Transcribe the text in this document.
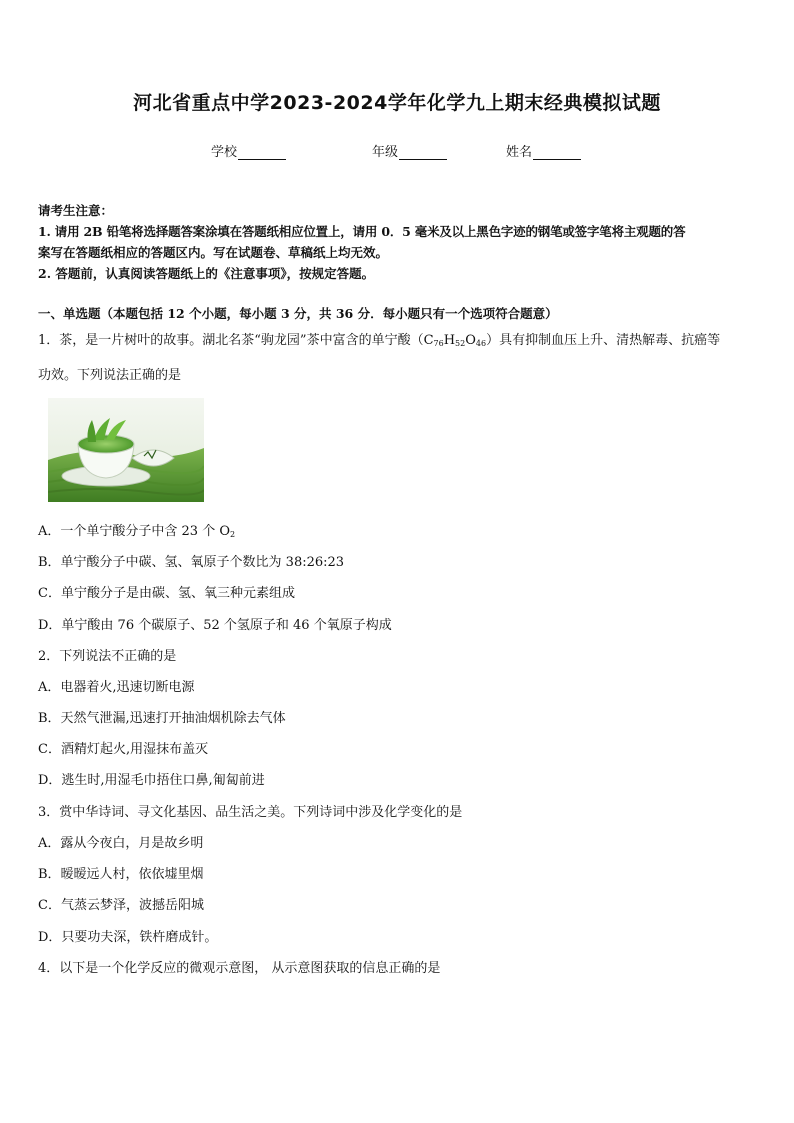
河北省重点中学2023-2024学年化学九上期末经典模拟试题
学校	年级	姓名
请考生注意：
1. 请用 2B 铅笔将选择题答案涂填在答题纸相应位置上，请用 0．5 毫米及以上黑色字迹的钢笔或签字笔将主观题的答
案写在答题纸相应的答题区内。写在试题卷、草稿纸上均无效。
2. 答题前，认真阅读答题纸上的《注意事项》，按规定答题。
一、单选题（本题包括 12 个小题，每小题 3 分，共 36 分．每小题只有一个选项符合题意）
1．茶，是一片树叶的故事。湖北名茶“驹龙园”茶中富含的单宁酸$(C_{76}H_{52}O_{46})$具有抑制血压上升、清热解毒、抗癌等
功效。下列说法正确的是
A．一个单宁酸分子中含 23 个 $O_2$
B．单宁酸分子中碳、氢、氧原子个数比为 38:26:23
C．单宁酸分子是由碳、氢、氧三种元素组成
D．单宁酸由 76 个碳原子、52 个氢原子和 46 个氧原子构成
2．下列说法不正确的是
A．电器着火,迅速切断电源
B．天然气泄漏,迅速打开抽油烟机除去气体
C．酒精灯起火,用湿抹布盖灭
D．逃生时,用湿毛巾捂住口鼻,匍匐前进
3．赏中华诗词、寻文化基因、品生活之美。下列诗词中涉及化学变化的是
A．露从今夜白，月是故乡明
B．暧暧远人村，依依墟里烟
C．气蒸云梦泽，波撼岳阳城
D．只要功夫深，铁杵磨成针。
4．以下是一个化学反应的微观示意图， 从示意图获取的信息正确的是
